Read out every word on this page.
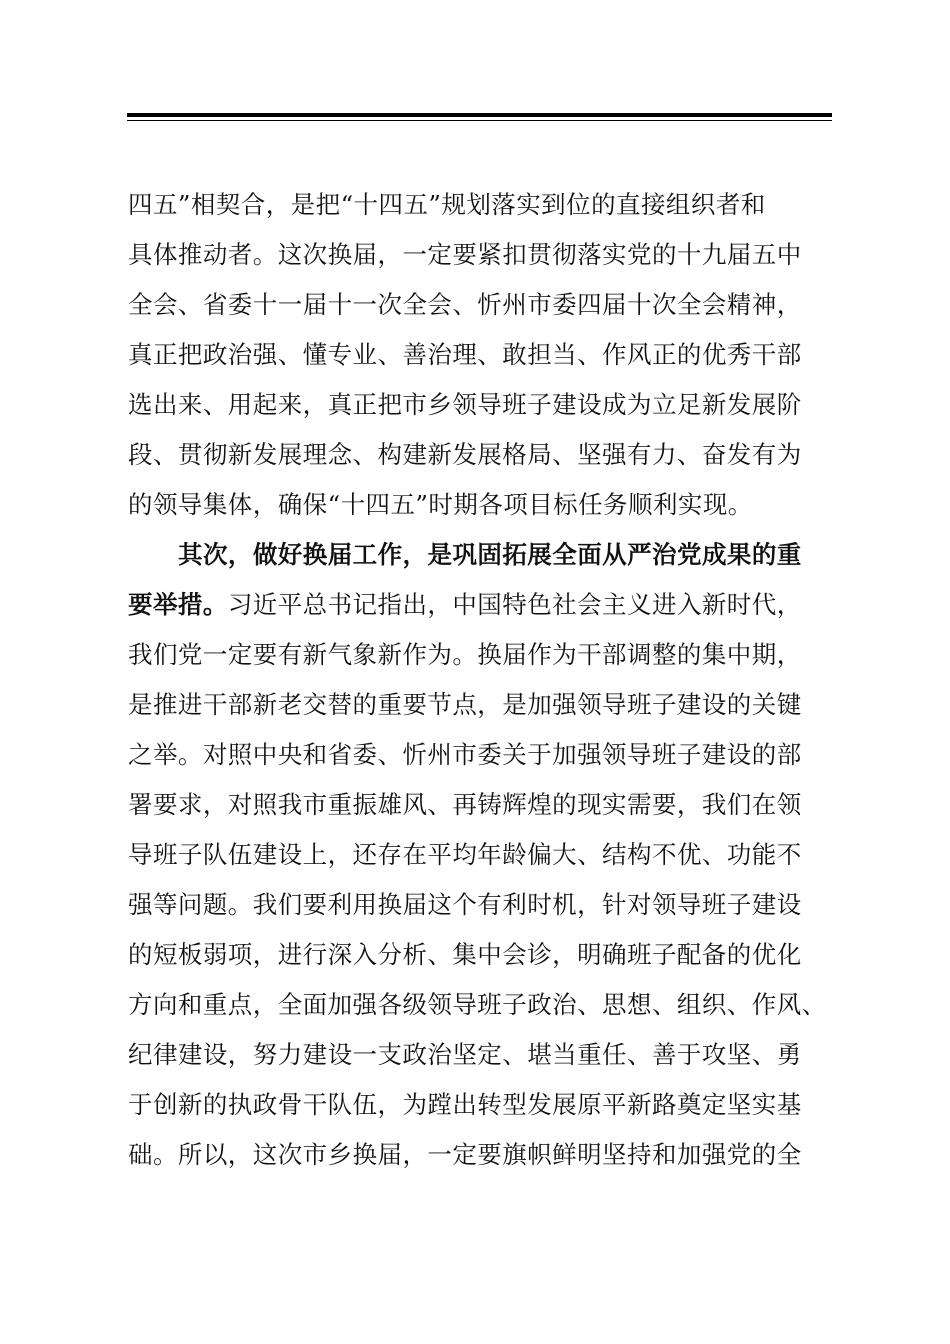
四五”相契合，是把“十四五”规划落实到位的直接组织者和
具体推动者。这次换届，一定要紧扣贯彻落实党的十九届五中
全会、省委十一届十一次全会、忻州市委四届十次全会精神，
真正把政治强、懂专业、善治理、敢担当、作风正的优秀干部
选出来、用起来，真正把市乡领导班子建设成为立足新发展阶
段、贯彻新发展理念、构建新发展格局、坚强有力、奋发有为
的领导集体，确保“十四五”时期各项目标任务顺利实现。
其次，做好换届工作，是巩固拓展全面从严治党成果的重
要举措。习近平总书记指出，中国特色社会主义进入新时代，
我们党一定要有新气象新作为。换届作为干部调整的集中期，
是推进干部新老交替的重要节点，是加强领导班子建设的关键
之举。对照中央和省委、忻州市委关于加强领导班子建设的部
署要求，对照我市重振雄风、再铸辉煌的现实需要，我们在领
导班子队伍建设上，还存在平均年龄偏大、结构不优、功能不
强等问题。我们要利用换届这个有利时机，针对领导班子建设
的短板弱项，进行深入分析、集中会诊，明确班子配备的优化
方向和重点，全面加强各级领导班子政治、思想、组织、作风、
纪律建设，努力建设一支政治坚定、堪当重任、善于攻坚、勇
于创新的执政骨干队伍，为蹚出转型发展原平新路奠定坚实基
础。所以，这次市乡换届，一定要旗帜鲜明坚持和加强党的全
